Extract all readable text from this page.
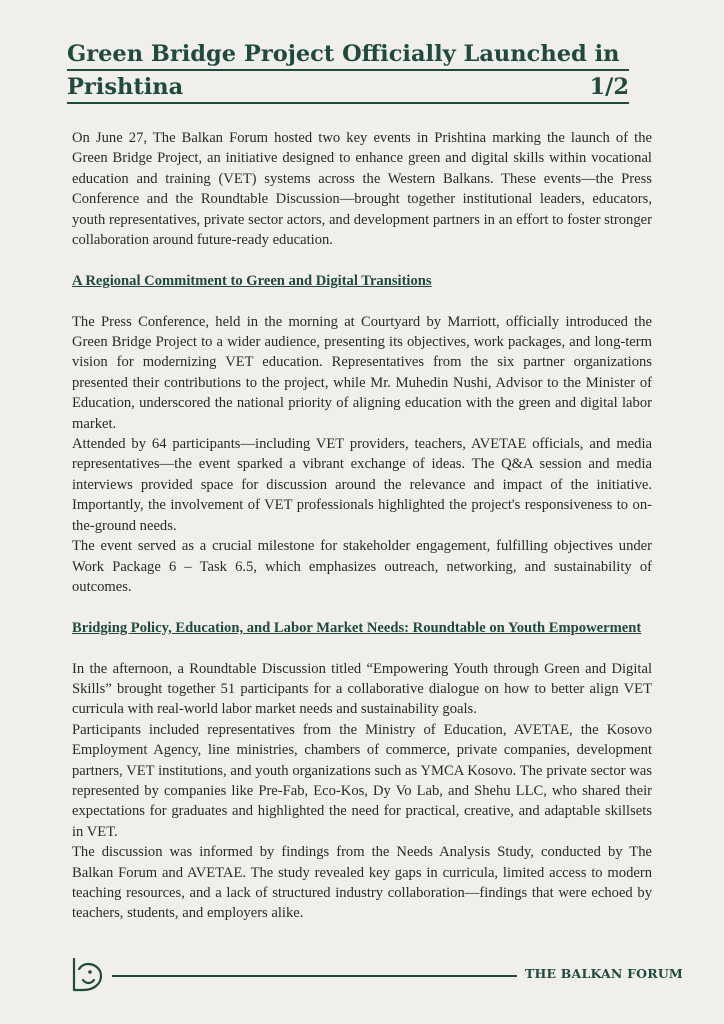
Green Bridge Project Officially Launched in
Prishtina	1/2

On June 27, The Balkan Forum hosted two key events in Prishtina marking the launch of the Green Bridge Project, an initiative designed to enhance green and digital skills within vocational education and training (VET) systems across the Western Balkans. These events—the Press Conference and the Roundtable Discussion—brought together institutional leaders, educators, youth representatives, private sector actors, and development partners in an effort to foster stronger collaboration around future-ready education.

A Regional Commitment to Green and Digital Transitions

The Press Conference, held in the morning at Courtyard by Marriott, officially introduced the Green Bridge Project to a wider audience, presenting its objectives, work packages, and long-term vision for modernizing VET education. Representatives from the six partner organizations presented their contributions to the project, while Mr. Muhedin Nushi, Advisor to the Minister of Education, underscored the national priority of aligning education with the green and digital labor market.

Attended by 64 participants—including VET providers, teachers, AVETAE officials, and media representatives—the event sparked a vibrant exchange of ideas. The Q&A session and media interviews provided space for discussion around the relevance and impact of the initiative. Importantly, the involvement of VET professionals highlighted the project's responsiveness to on-the-ground needs.

The event served as a crucial milestone for stakeholder engagement, fulfilling objectives under Work Package 6 – Task 6.5, which emphasizes outreach, networking, and sustainability of outcomes.

Bridging Policy, Education, and Labor Market Needs: Roundtable on Youth Empowerment

In the afternoon, a Roundtable Discussion titled “Empowering Youth through Green and Digital Skills” brought together 51 participants for a collaborative dialogue on how to better align VET curricula with real-world labor market needs and sustainability goals.

Participants included representatives from the Ministry of Education, AVETAE, the Kosovo Employment Agency, line ministries, chambers of commerce, private companies, development partners, VET institutions, and youth organizations such as YMCA Kosovo. The private sector was represented by companies like Pre-Fab, Eco-Kos, Dy Vo Lab, and Shehu LLC, who shared their expectations for graduates and highlighted the need for practical, creative, and adaptable skillsets in VET.

The discussion was informed by findings from the Needs Analysis Study, conducted by The Balkan Forum and AVETAE. The study revealed key gaps in curricula, limited access to modern teaching resources, and a lack of structured industry collaboration—findings that were echoed by teachers, students, and employers alike.

THE BALKAN FORUM
